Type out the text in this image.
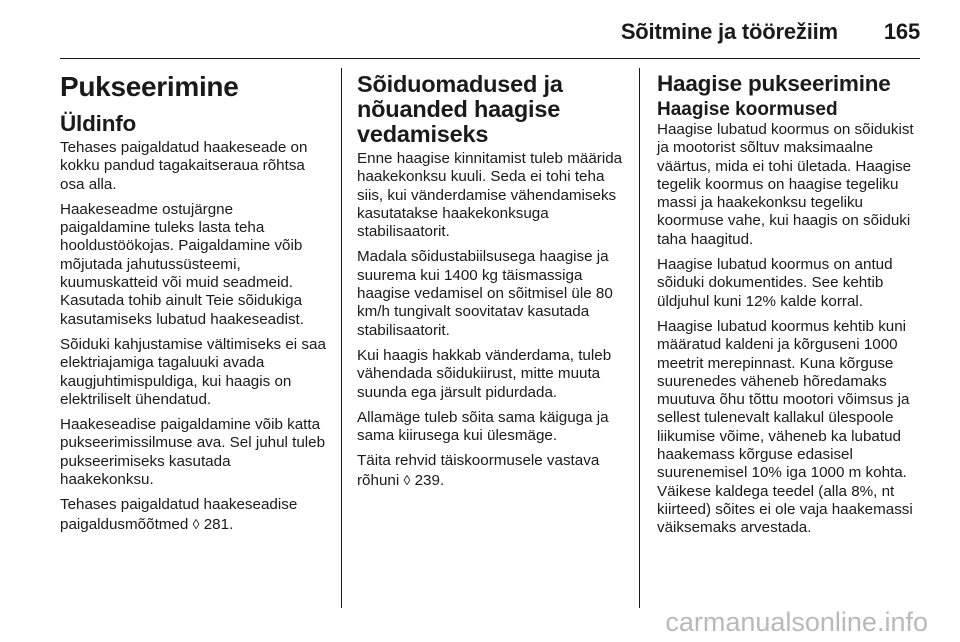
Sõitmine ja töörežiim 165
Pukseerimine
Üldinfo

Tehases paigaldatud haakeseade on kokku pandud tagakaitseraua rõhtsa osa alla.

Haakeseadme ostujärgne paigaldamine tuleks lasta teha hooldustöökojas. Paigaldamine võib mõjutada jahutussüsteemi, kuumuskatteid või muid seadmeid. Kasutada tohib ainult Teie sõidukiga kasutamiseks lubatud haakeseadist.

Sõiduki kahjustamise vältimiseks ei saa elektriajamiga tagaluuki avada kaugjuhtimispuldiga, kui haagis on elektriliselt ühendatud.

Haakeseadise paigaldamine võib katta pukseerimissilmuse ava. Sel juhul tuleb pukseerimiseks kasutada haakekonksu.

Tehases paigaldatud haakeseadise paigaldusmõõtmed ◊ 281.

Sõiduomadused ja nõuanded haagise vedamiseks

Enne haagise kinnitamist tuleb määrida haakekonksu kuuli. Seda ei tohi teha siis, kui vänderdamise vähendamiseks kasutatakse haakekonksuga stabilisaatorit.

Madala sõidustabiilsusega haagise ja suurema kui 1400 kg täismassiga haagise vedamisel on sõitmisel üle 80 km/h tungivalt soovitatav kasutada stabilisaatorit.

Kui haagis hakkab vänderdama, tuleb vähendada sõidukiirust, mitte muuta suunda ega järsult pidurdada.

Allamäge tuleb sõita sama käiguga ja sama kiirusega kui ülesmäge.

Täita rehvid täiskoormusele vastava rõhuni ◊ 239.

Haagise pukseerimine
Haagise koormused

Haagise lubatud koormus on sõidukist ja mootorist sõltuv maksimaalne väärtus, mida ei tohi ületada. Haagise tegelik koormus on haagise tegeliku massi ja haakekonksu tegeliku koormuse vahe, kui haagis on sõiduki taha haagitud.

Haagise lubatud koormus on antud sõiduki dokumentides. See kehtib üldjuhul kuni 12% kalde korral.

Haagise lubatud koormus kehtib kuni määratud kaldeni ja kõrguseni 1000 meetrit merepinnast. Kuna kõrguse suurenedes väheneb hõredamaks muutuva õhu tõttu mootori võimsus ja sellest tulenevalt kallakul ülespoole liikumise võime, väheneb ka lubatud haakemass kõrguse edasisel suurenemisel 10% iga 1000 m kohta. Väikese kaldega teedel (alla 8%, nt kiirteed) sõites ei ole vaja haakemassi väiksemaks arvestada.

carmanualsonline.info
